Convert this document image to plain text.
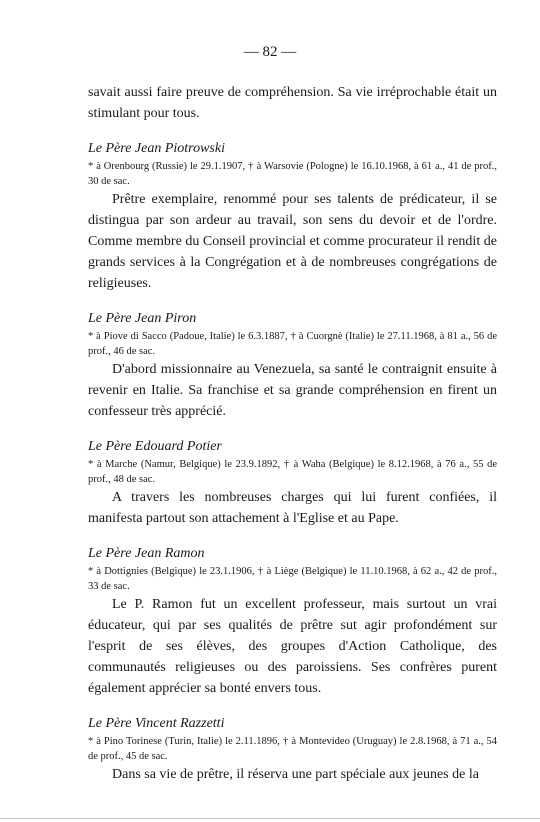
— 82 —

savait aussi faire preuve de compréhension. Sa vie irréprochable était un stimulant pour tous.

Le Père Jean Piotrowski

* à Orenbourg (Russie) le 29.1.1907, † à Warsovie (Pologne) le 16.10.1968, à 61 a., 41 de prof., 30 de sac.

Prêtre exemplaire, renommé pour ses talents de prédicateur, il se distingua par son ardeur au travail, son sens du devoir et de l'ordre. Comme membre du Conseil provincial et comme procurateur il rendit de grands services à la Congrégation et à de nombreuses congrégations de religieuses.

Le Père Jean Piron

* à Piove di Sacco (Padoue, Italie) le 6.3.1887, † à Cuorgnè (Italie) le 27.11.1968, à 81 a., 56 de prof., 46 de sac.

D'abord missionnaire au Venezuela, sa santé le contraignit ensuite à revenir en Italie. Sa franchise et sa grande compréhension en firent un confesseur très apprécié.

Le Père Edouard Potier

* à Marche (Namur, Belgique) le 23.9.1892, † à Waha (Belgique) le 8.12.1968, à 76 a., 55 de prof., 48 de sac.

A travers les nombreuses charges qui lui furent confiées, il manifesta partout son attachement à l'Eglise et au Pape.

Le Père Jean Ramon

* à Dottignies (Belgique) le 23.1.1906, † à Liège (Belgique) le 11.10.1968, à 62 a., 42 de prof., 33 de sac.

Le P. Ramon fut un excellent professeur, mais surtout un vrai éducateur, qui par ses qualités de prêtre sut agir profondément sur l'esprit de ses élèves, des groupes d'Action Catholique, des communautés religieuses ou des paroissiens. Ses confrères purent également apprécier sa bonté envers tous.

Le Père Vincent Razzetti

* à Pino Torinese (Turin, Italie) le 2.11.1896, † à Montevideo (Uruguay) le 2.8.1968, à 71 a., 54 de prof., 45 de sac.

Dans sa vie de prêtre, il réserva une part spéciale aux jeunes de la
